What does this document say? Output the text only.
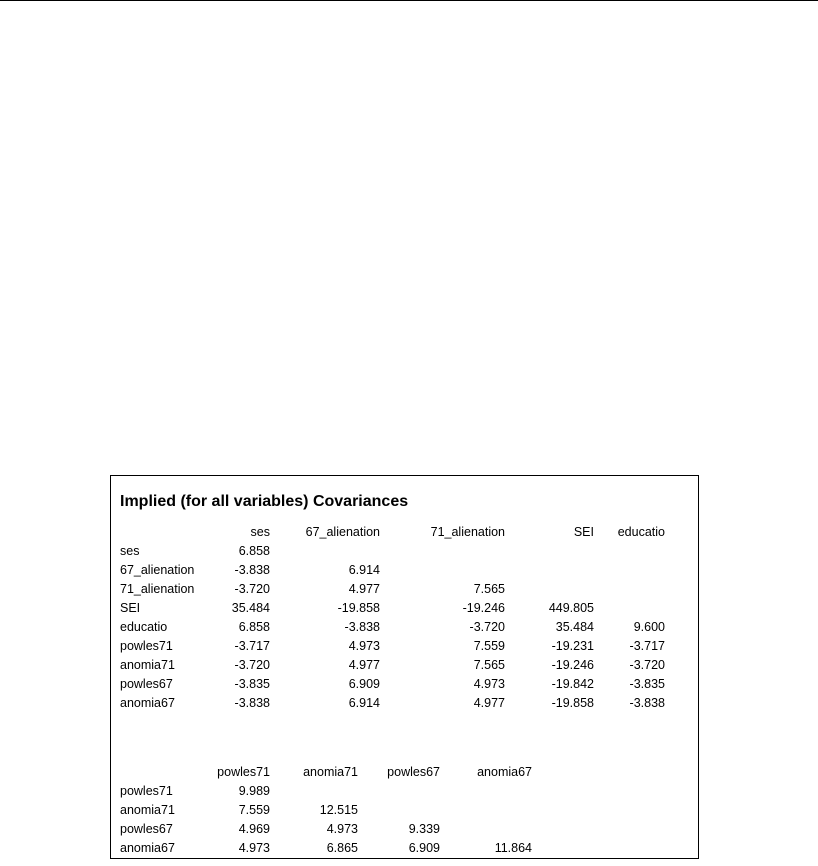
Implied (for all variables) Covariances
	ses	67_alienation	71_alienation	SEI	educatio
ses	6.858				
67_alienation	-3.838	6.914			
71_alienation	-3.720	4.977	7.565		
SEI	35.484	-19.858	-19.246	449.805	
educatio	6.858	-3.838	-3.720	35.484	9.600
powles71	-3.717	4.973	7.559	-19.231	-3.717
anomia71	-3.720	4.977	7.565	-19.246	-3.720
powles67	-3.835	6.909	4.973	-19.842	-3.835
anomia67	-3.838	6.914	4.977	-19.858	-3.838
	powles71	anomia71	powles67	anomia67
powles71	9.989			
anomia71	7.559	12.515		
powles67	4.969	4.973	9.339	
anomia67	4.973	6.865	6.909	11.864
